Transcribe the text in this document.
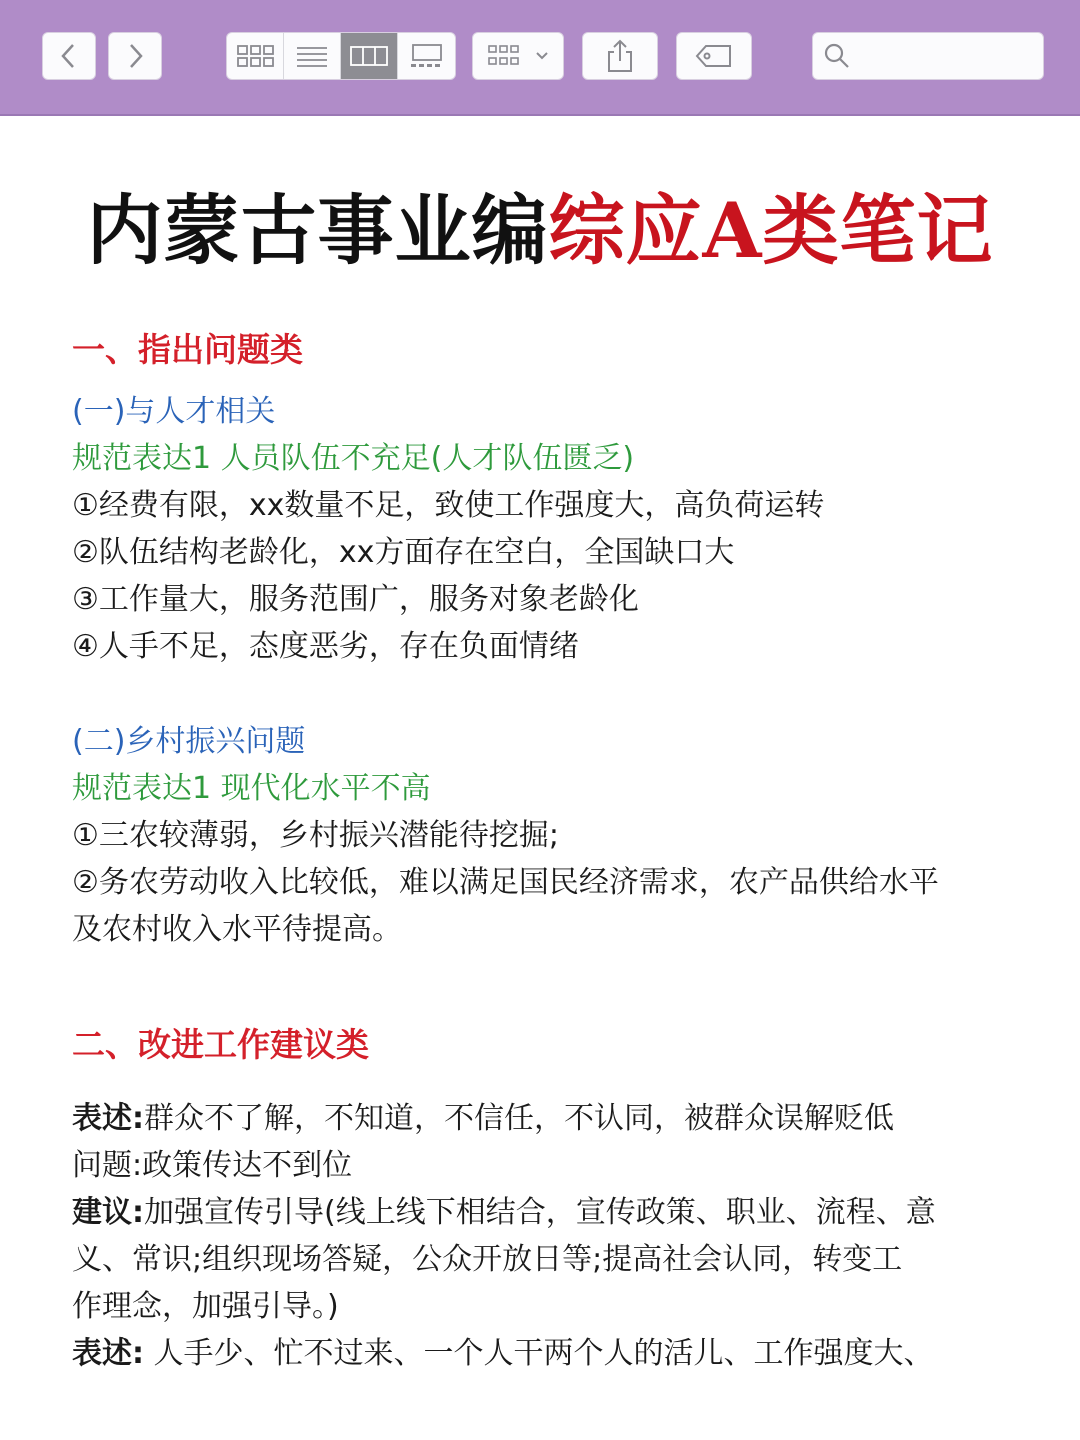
内蒙古事业编综应A类笔记
一、指出问题类
(一)与人才相关
规范表达1 人员队伍不充足(人才队伍匮乏)
①经费有限，xx数量不足，致使工作强度大，高负荷运转
②队伍结构老龄化，xx方面存在空白，全国缺口大
③工作量大，服务范围广，服务对象老龄化
④人手不足，态度恶劣，存在负面情绪
(二)乡村振兴问题
规范表达1 现代化水平不高
①三农较薄弱，乡村振兴潜能待挖掘;
②务农劳动收入比较低，难以满足国民经济需求，农产品供给水平
及农村收入水平待提高。
二、改进工作建议类
表述:群众不了解，不知道，不信任，不认同，被群众误解贬低
问题:政策传达不到位
建议:加强宣传引导(线上线下相结合，宣传政策、职业、流程、意
义、常识;组织现场答疑，公众开放日等;提高社会认同，转变工
作理念，加强引导。)
表述: 人手少、忙不过来、一个人干两个人的活儿、工作强度大、
